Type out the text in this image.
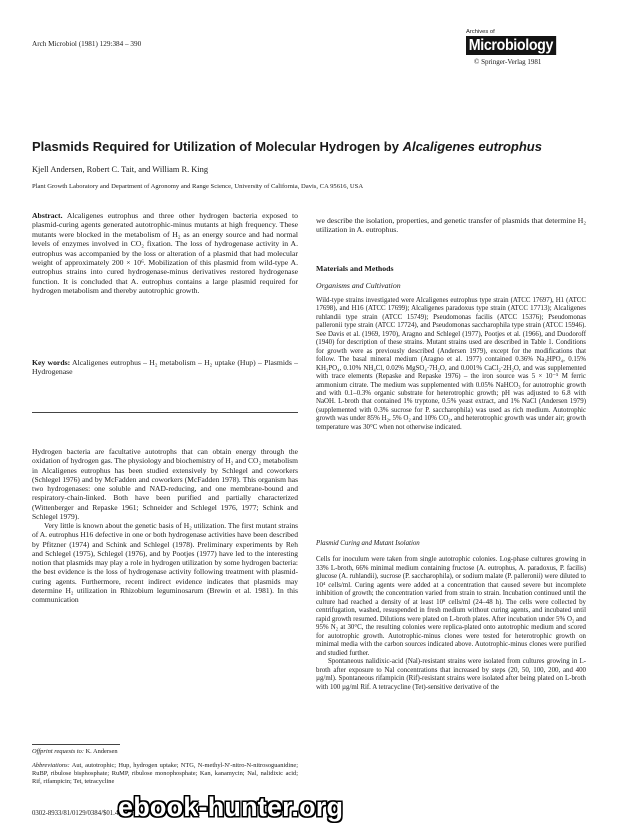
Arch Microbiol (1981) 129:384 – 390
Archives of
Microbiology
© Springer-Verlag 1981
Plasmids Required for Utilization of Molecular Hydrogen by Alcaligenes eutrophus
Kjell Andersen, Robert C. Tait, and William R. King
Plant Growth Laboratory and Department of Agronomy and Range Science, University of California, Davis, CA 95616, USA

Abstract. Alcaligenes eutrophus and three other hydrogen bacteria exposed to plasmid-curing agents generated autotrophic-minus mutants at high frequency. These mutants were blocked in the metabolism of H₂ as an energy source and had normal levels of enzymes involved in CO₂ fixation. The loss of hydrogenase activity in A. eutrophus was accompanied by the loss or alteration of a plasmid that had molecular weight of approximately 200 × 10⁶. Mobilization of this plasmid from wild-type A. eutrophus strains into cured hydrogenase-minus derivatives restored hydrogenase function. It is concluded that A. eutrophus contains a large plasmid required for hydrogen metabolism and thereby autotrophic growth.

Key words: Alcaligenes eutrophus – H₂ metabolism – H₂ uptake (Hup) – Plasmids – Hydrogenase

Hydrogen bacteria are facultative autotrophs that can obtain energy through the oxidation of hydrogen gas. The physiology and biochemistry of H₂ and CO₂ metabolism in Alcaligenes eutrophus has been studied extensively by Schlegel and coworkers (Schlegel 1976) and by McFadden and coworkers (McFadden 1978). This organism has two hydrogenases: one soluble and NAD-reducing, and one membrane-bound and respiratory-chain-linked. Both have been purified and partially characterized (Wittenberger and Repaske 1961; Schneider and Schlegel 1976, 1977; Schink and Schlegel 1979).

Very little is known about the genetic basis of H₂ utilization. The first mutant strains of A. eutrophus H16 defective in one or both hydrogenase activities have been described by Pfitzner (1974) and Schink and Schlegel (1978). Preliminary experiments by Reh and Schlegel (1975), Schlegel (1976), and by Pootjes (1977) have led to the interesting notion that plasmids may play a role in hydrogen utilization by some hydrogen bacteria: the best evidence is the loss of hydrogenase activity following treatment with plasmid-curing agents. Furthermore, recent indirect evidence indicates that plasmids may determine H₂ utilization in Rhizobium leguminosarum (Brewin et al. 1981). In this communication

Offprint requests to: K. Andersen
Abbreviations: Aut, autotrophic; Hup, hydrogen uptake; NTG, N-methyl-N'-nitro-N-nitrosoguanidine; RuBP, ribulose bisphosphate; RuMP, ribulose monophosphate; Kan, kanamycin; Nal, nalidixic acid; Rif, rifampicin; Tet, tetracycline
0302-8933/81/0129/0384/$01.40

we describe the isolation, properties, and genetic transfer of plasmids that determine H₂ utilization in A. eutrophus.

Materials and Methods
Organisms and Cultivation

Wild-type strains investigated were Alcaligenes eutrophus type strain (ATCC 17697), H1 (ATCC 17698), and H16 (ATCC 17699); Alcaligenes paradoxus type strain (ATCC 17713); Alcaligenes ruhlandii type strain (ATCC 15749); Pseudomonas facilis (ATCC 15376); Pseudomonas palleronii type strain (ATCC 17724), and Pseudomonas saccharophila type strain (ATCC 15946). See Davis et al. (1969, 1970), Aragno and Schlegel (1977), Pootjes et al. (1966), and Duodoroff (1940) for description of these strains. Mutant strains used are described in Table 1. Conditions for growth were as previously described (Andersen 1979), except for the modifications that follow. The basal mineral medium (Aragno et al. 1977) contained 0.36% Na₂HPO₄, 0.15% KH₂PO₄, 0.10% NH₄Cl, 0.02% MgSO₄·7H₂O, and 0.001% CaCl₂·2H₂O, and was supplemented with trace elements (Repaske and Repaske 1976) – the iron source was 5 × 10⁻⁵ M ferric ammonium citrate. The medium was supplemented with 0.05% NaHCO₃ for autotrophic growth and with 0.1–0.3% organic substrate for heterotrophic growth; pH was adjusted to 6.8 with NaOH. L-broth that contained 1% tryptone, 0.5% yeast extract, and 1% NaCl (Andersen 1979) (supplemented with 0.3% sucrose for P. saccharophila) was used as rich medium. Autotrophic growth was under 85% H₂, 5% O₂ and 10% CO₂, and heterotrophic growth was under air; growth temperature was 30°C when not otherwise indicated.

Plasmid Curing and Mutant Isolation

Cells for inoculum were taken from single autotrophic colonies. Log-phase cultures growing in 33% L-broth, 66% minimal medium containing fructose (A. eutrophus, A. paradoxus, P. facilis) glucose (A. ruhlandii), sucrose (P. saccharophila), or sodium malate (P. palleronii) were diluted to 10⁴ cells/ml. Curing agents were added at a concentration that caused severe but incomplete inhibition of growth; the concentration varied from strain to strain. Incubation continued until the culture had reached a density of at least 10⁸ cells/ml (24–48 h). The cells were collected by centrifugation, washed, resuspended in fresh medium without curing agents, and incubated until rapid growth resumed. Dilutions were plated on L-broth plates. After incubation under 5% O₂ and 95% N₂ at 30°C, the resulting colonies were replica-plated onto autotrophic medium and scored for autotrophic growth. Autotrophic-minus clones were tested for heterotrophic growth on minimal media with the carbon sources indicated above. Autotrophic-minus clones were purified and studied further.

Spontaneous nalidixic-acid (Nal)-resistant strains were isolated from cultures growing in L-broth after exposure to Nal concentrations that increased by steps (20, 50, 100, 200, and 400 µg/ml). Spontaneous rifampicin (Rif)-resistant strains were isolated after being plated on L-broth with 100 µg/ml Rif. A tetracycline (Tet)-sensitive derivative of the

ebook-hunter.org
